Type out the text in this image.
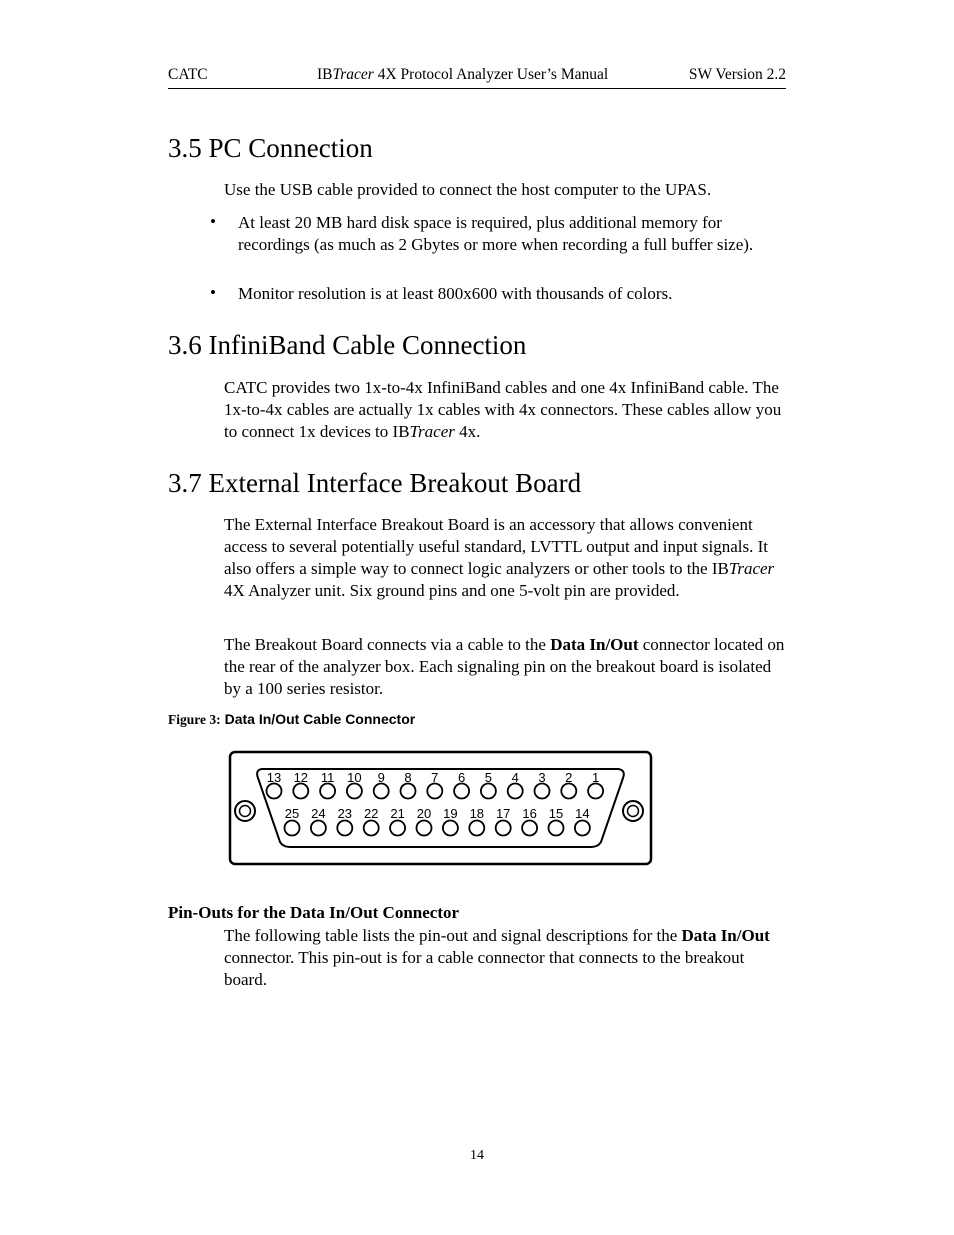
CATC	IBTracer 4X Protocol Analyzer User’s Manual	SW Version 2.2
3.5 PC Connection

Use the USB cable provided to connect the host computer to the UPAS.

• At least 20 MB hard disk space is required, plus additional memory for recordings (as much as 2 Gbytes or more when recording a full buffer size).

• Monitor resolution is at least 800x600 with thousands of colors.

3.6 InfiniBand Cable Connection

CATC provides two 1x-to-4x InfiniBand cables and one 4x InfiniBand cable. The 1x-to-4x cables are actually 1x cables with 4x connectors. These cables allow you to connect 1x devices to IBTracer 4x.

3.7 External Interface Breakout Board

The External Interface Breakout Board is an accessory that allows convenient access to several potentially useful standard, LVTTL output and input signals. It also offers a simple way to connect logic analyzers or other tools to the IBTracer 4X Analyzer unit. Six ground pins and one 5-volt pin are provided.

The Breakout Board connects via a cable to the Data In/Out connector located on the rear of the analyzer box. Each signaling pin on the breakout board is isolated by a 100 series resistor.

Figure 3: Data In/Out Cable Connector
13 12 11 10 9 8 7 6 5 4 3 2 1
25 24 23 22 21 20 19 18 17 16 15 14
Pin-Outs for the Data In/Out Connector

The following table lists the pin-out and signal descriptions for the Data In/Out connector. This pin-out is for a cable connector that connects to the breakout board.

14
